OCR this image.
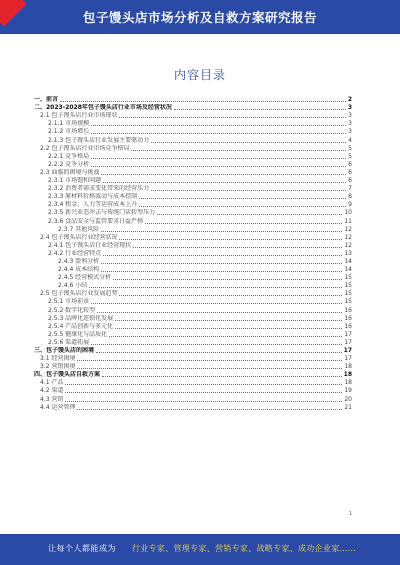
包子馒头店市场分析及自救方案研究报告
内容目录
一、前言	2
二、2023-2028年包子馒头店行业市场及经营状况	3
2.1 包子馒头店行业市场现状	3
2.1.1 市场规模	3
2.1.2 市场增长	3
2.1.3 包子馒头店行业发展主要驱动力	4
2.2 包子馒头店行业市场竞争格局	5
2.2.1 竞争格局	5
2.2.2 竞争分析	6
2.3 面临的困境与挑战	6
2.3.1 市场饱和问题	6
2.3.2 消费者需求变化带来的经营压力	7
2.3.3 原材料价格波动与成本控制	8
2.3.4 租金、人力等运营成本上升	9
2.3.5 新兴业态冲击与传统门店转型压力	10
2.3.6 食品安全与监管要求日益严格	11
2.3.7 其他风险	12
2.4 包子馒头店行业经营状况	12
2.4.1 包子馒头店行业经营现状	12
2.4.2 行业经营特点	13
2.4.3 盈利分析	14
2.4.4 成本结构	14
2.4.5 经营模式分析	15
2.4.6 小结	15
2.5 包子馒头店行业发展趋势	15
2.5.1 市场前景	15
2.5.2 数字化转型	16
2.5.3 品牌化连锁化发展	16
2.5.4 产品创新与多元化	16
2.5.5 健康化与品质化	17
2.5.6 渠道拓展	17
三、包子馒头店的困境	17
3.1 经营困境	17
3.2 营销困境	18
四、包子馒头店自救方案	18
4.1 产品	18
4.2 渠道	19
4.3 营销	20
4.4 运营管理	21
1
让每个人都能成为 行业专家、管理专家、营销专家、战略专家、成功企业家……
